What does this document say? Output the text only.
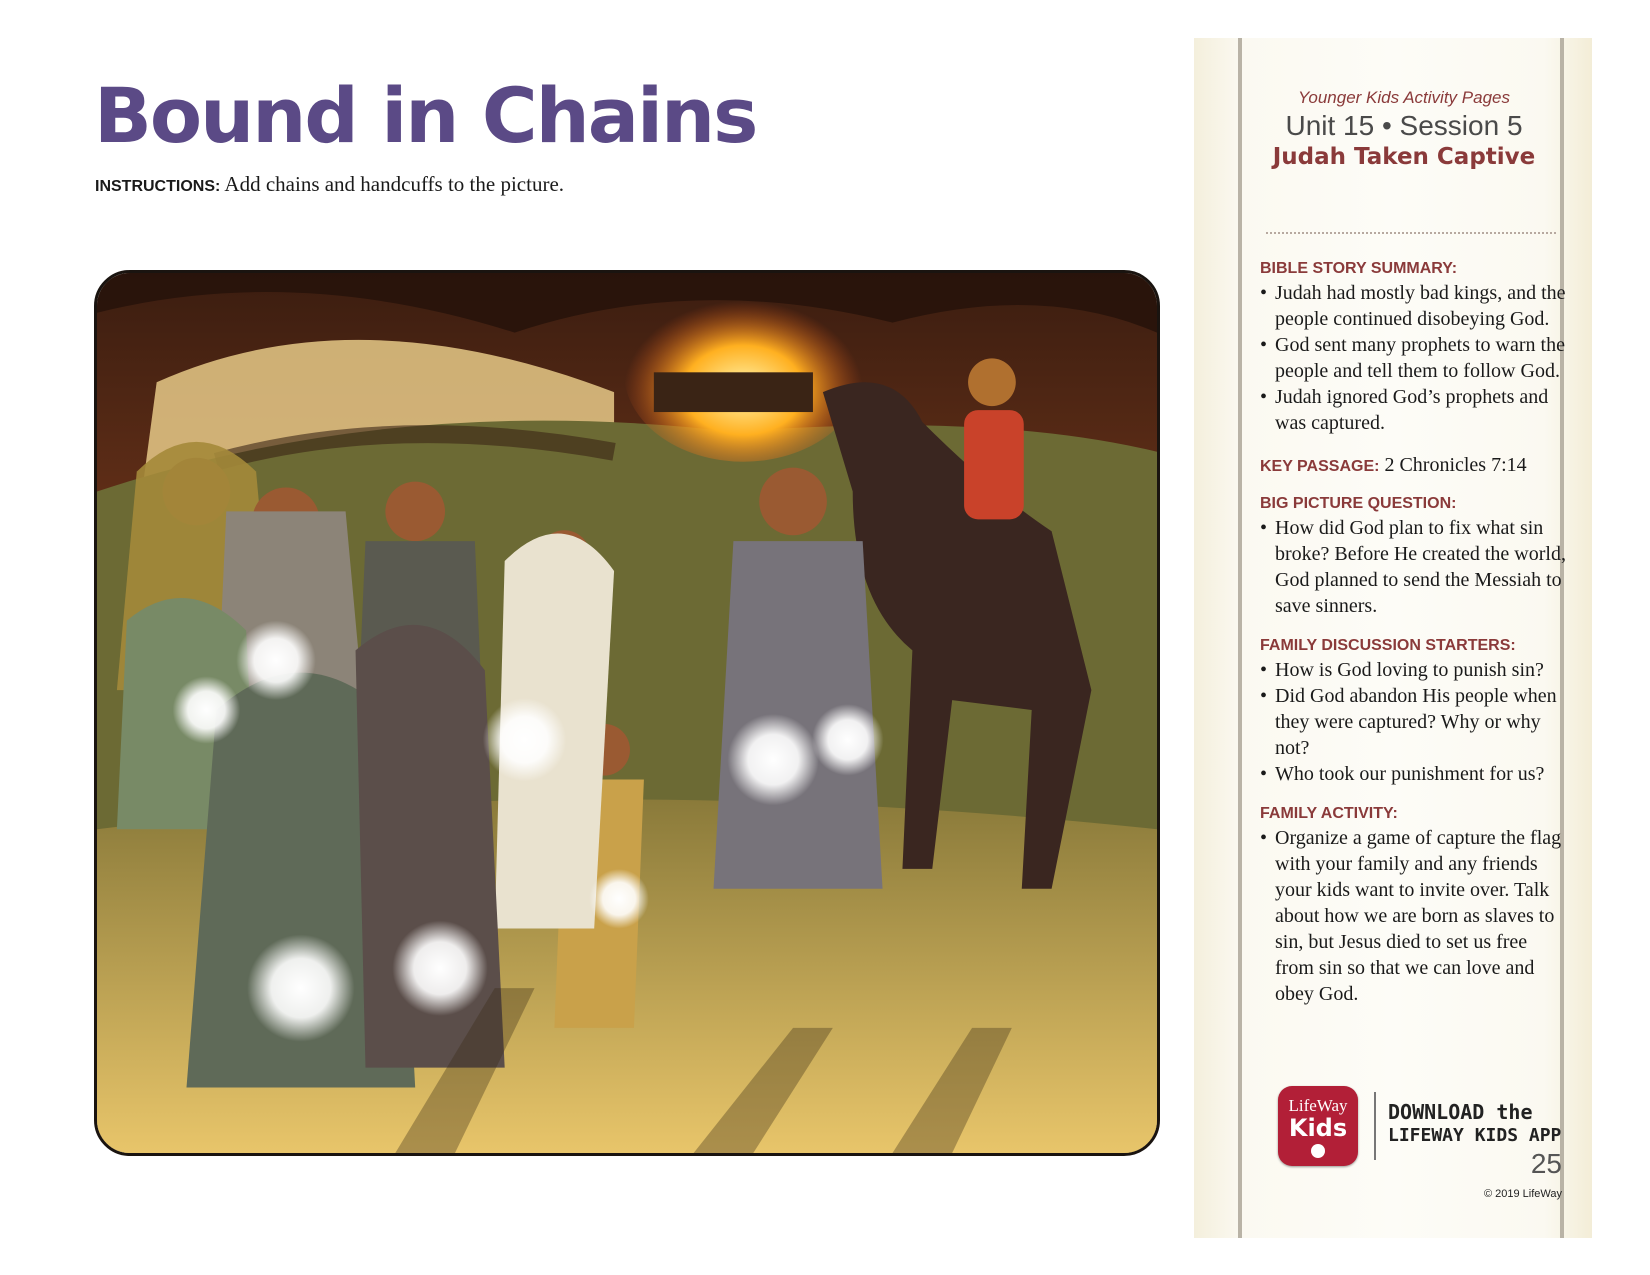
Bound in Chains
INSTRUCTIONS: Add chains and handcuffs to the picture.
Younger Kids Activity Pages
Unit 15 • Session 5
Judah Taken Captive
BIBLE STORY SUMMARY:
• Judah had mostly bad kings, and the people continued disobeying God.
• God sent many prophets to warn the people and tell them to follow God.
• Judah ignored God’s prophets and was captured.
KEY PASSAGE: 2 Chronicles 7:14
BIG PICTURE QUESTION:
• How did God plan to fix what sin broke? Before He created the world, God planned to send the Messiah to save sinners.
FAMILY DISCUSSION STARTERS:
• How is God loving to punish sin?
• Did God abandon His people when they were captured? Why or why not?
• Who took our punishment for us?
FAMILY ACTIVITY:
• Organize a game of capture the flag with your family and any friends your kids want to invite over. Talk about how we are born as slaves to sin, but Jesus died to set us free from sin so that we can love and obey God.
LifeWay
Kids
DOWNLOAD the
LIFEWAY KIDS APP
25
© 2019 LifeWay
